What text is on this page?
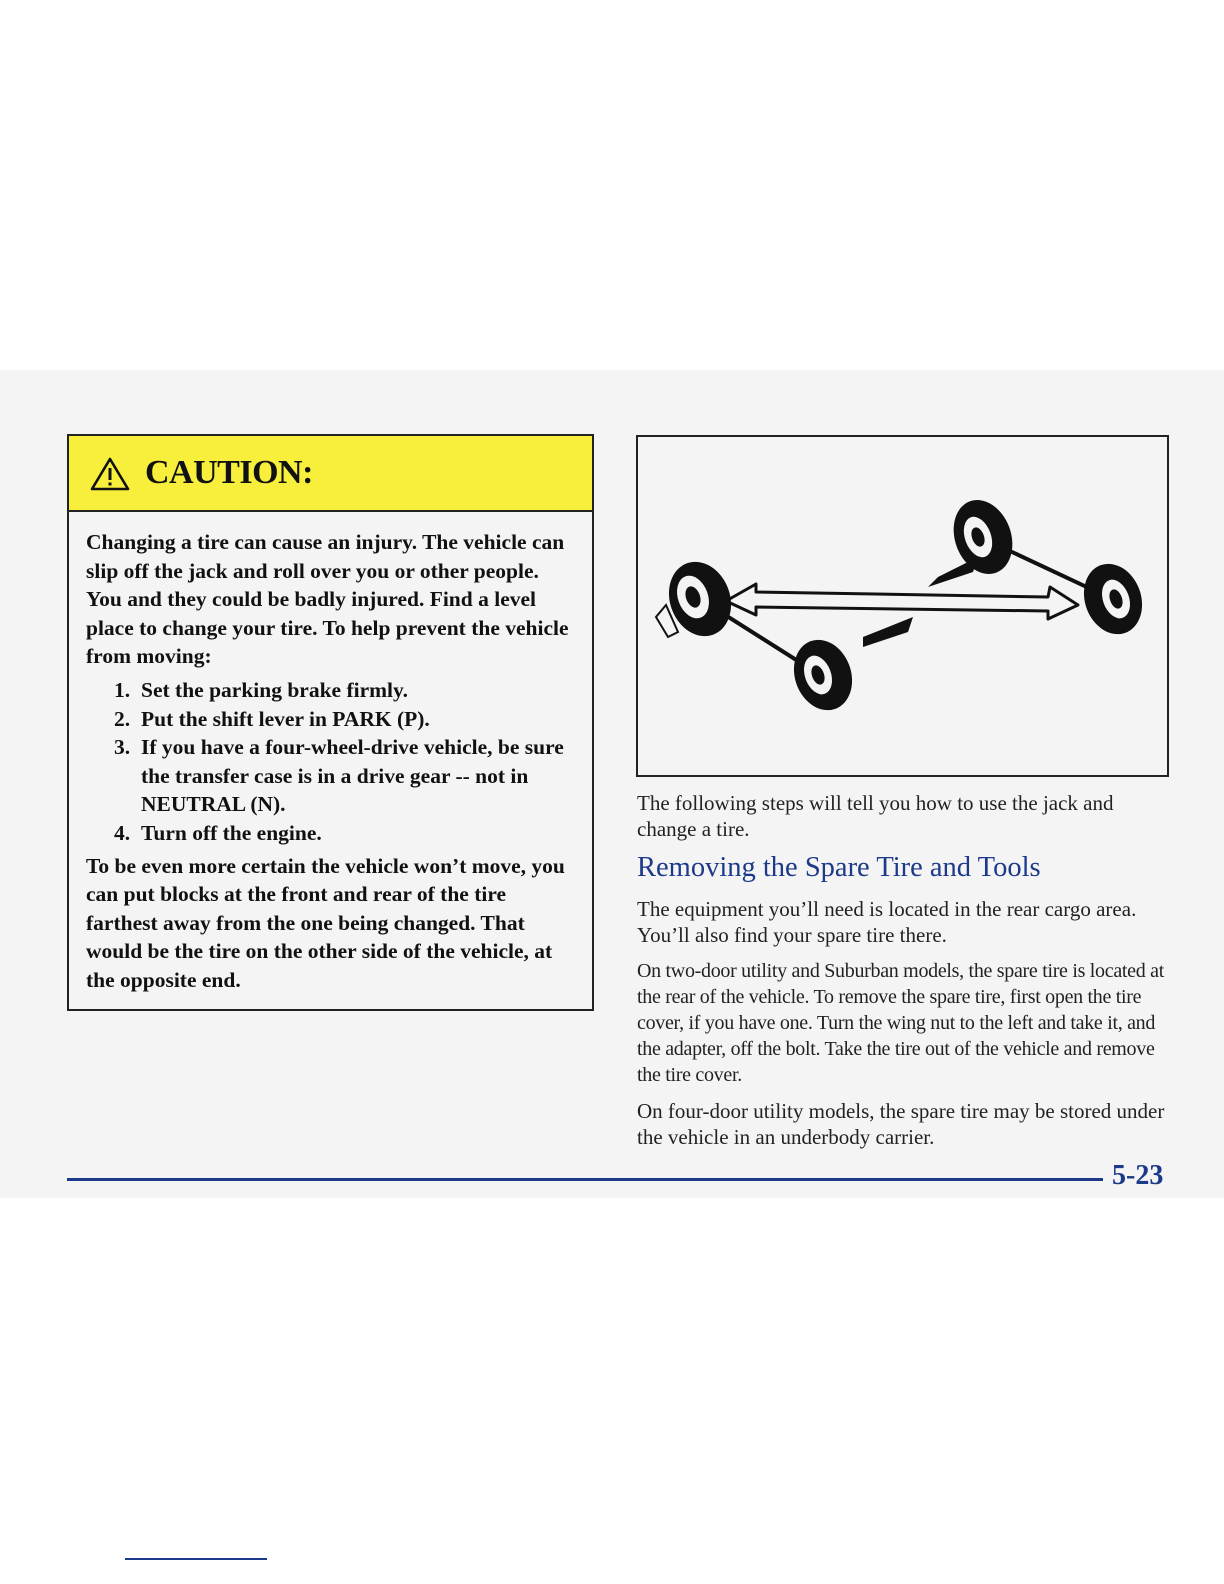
CAUTION:

Changing a tire can cause an injury. The vehicle can slip off the jack and roll over you or other people. You and they could be badly injured. Find a level place to change your tire. To help prevent the vehicle from moving:

1. Set the parking brake firmly.
2. Put the shift lever in PARK (P).
3. If you have a four-wheel-drive vehicle, be sure the transfer case is in a drive gear -- not in NEUTRAL (N).
4. Turn off the engine.

To be even more certain the vehicle won’t move, you can put blocks at the front and rear of the tire farthest away from the one being changed. That would be the tire on the other side of the vehicle, at the opposite end.

The following steps will tell you how to use the jack and change a tire.

Removing the Spare Tire and Tools

The equipment you’ll need is located in the rear cargo area. You’ll also find your spare tire there.

On two-door utility and Suburban models, the spare tire is located at the rear of the vehicle. To remove the spare tire, first open the tire cover, if you have one. Turn the wing nut to the left and take it, and the adapter, off the bolt. Take the tire out of the vehicle and remove the tire cover.

On four-door utility models, the spare tire may be stored under the vehicle in an underbody carrier.

5-23
